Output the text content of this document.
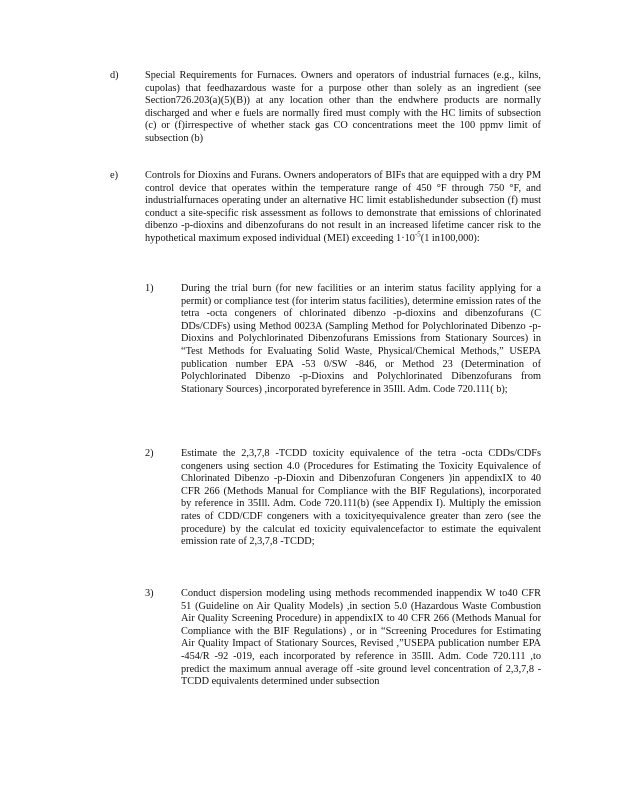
d)	Special Requirements for Furnaces. Owners and operators of industrial furnaces (e.g., kilns, cupolas) that feedhazardous waste for a purpose other than solely as an ingredient (see Section726.203(a)(5)(B)) at any location other than the endwhere products are normally discharged and wher e fuels are normally fired must comply with the HC limits of subsection (c) or (f)irrespective of whether stack gas CO concentrations meet the 100 ppmv limit of subsection (b)
e)	Controls for Dioxins and Furans. Owners andoperators of BIFs that are equipped with a dry PM control device that operates within the temperature range of 450 °F through 750 °F, and industrialfurnaces operating under an alternative HC limit establishedunder subsection (f) must conduct a site-specific risk assessment as follows to demonstrate that emissions of chlorinated dibenzo -p-dioxins and dibenzofurans do not result in an increased lifetime cancer risk to the hypothetical maximum exposed individual (MEI) exceeding $1\cdot 10^{-5}(1$ in100,000):
1)	During the trial burn (for new facilities or an interim status facility applying for a permit) or compliance test (for interim status facilities), determine emission rates of the tetra -octa congeners of chlorinated dibenzo -p-dioxins and dibenzofurans (C DDs/CDFs) using Method 0023A (Sampling Method for Polychlorinated Dibenzo -p-Dioxins and Polychlorinated Dibenzofurans Emissions from Stationary Sources) in “Test Methods for Evaluating Solid Waste, Physical/Chemical Methods,” USEPA publication number EPA -53 0/SW -846, or Method 23 (Determination of Polychlorinated Dibenzo -p-Dioxins and Polychlorinated Dibenzofurans from Stationary Sources) ,incorporated byreference in 35Ill. Adm. Code 720.111( b);
2)	Estimate the 2,3,7,8 -TCDD toxicity equivalence of the tetra -octa CDDs/CDFs congeners using section 4.0 (Procedures for Estimating the Toxicity Equivalence of Chlorinated Dibenzo -p-Dioxin and Dibenzofuran Congeners )in appendixIX to 40 CFR 266 (Methods Manual for Compliance with the BIF Regulations), incorporated by reference in 35Ill. Adm. Code 720.111(b) (see Appendix I). Multiply the emission rates of CDD/CDF congeners with a toxicityequivalence greater than zero (see the procedure) by the calculat ed toxicity equivalencefactor to estimate the equivalent emission rate of 2,3,7,8 -TCDD;
3)	Conduct dispersion modeling using methods recommended inappendix W to40 CFR 51 (Guideline on Air Quality Models) ,in section 5.0 (Hazardous Waste Combustion Air Quality Screening Procedure) in appendixIX to 40 CFR 266 (Methods Manual for Compliance with the BIF Regulations) , or in “Screening Procedures for Estimating Air Quality Impact of Stationary Sources, Revised ,”USEPA publication number EPA -454/R -92 -019, each incorporated by reference in 35Ill. Adm. Code 720.111 ,to predict the maximum annual average off -site ground level concentration of 2,3,7,8 -TCDD equivalents determined under subsection
